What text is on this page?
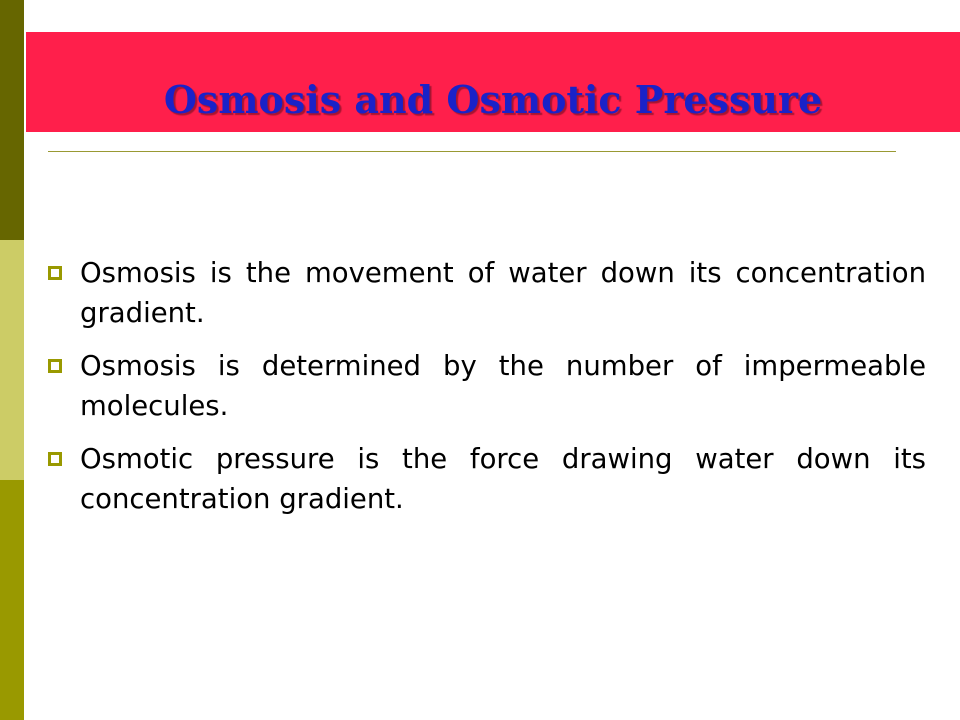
Osmosis and Osmotic Pressure
Osmosis is the movement of water down its concentration gradient.
Osmosis is determined by the number of impermeable molecules.
Osmotic pressure is the force drawing water down its concentration gradient.
